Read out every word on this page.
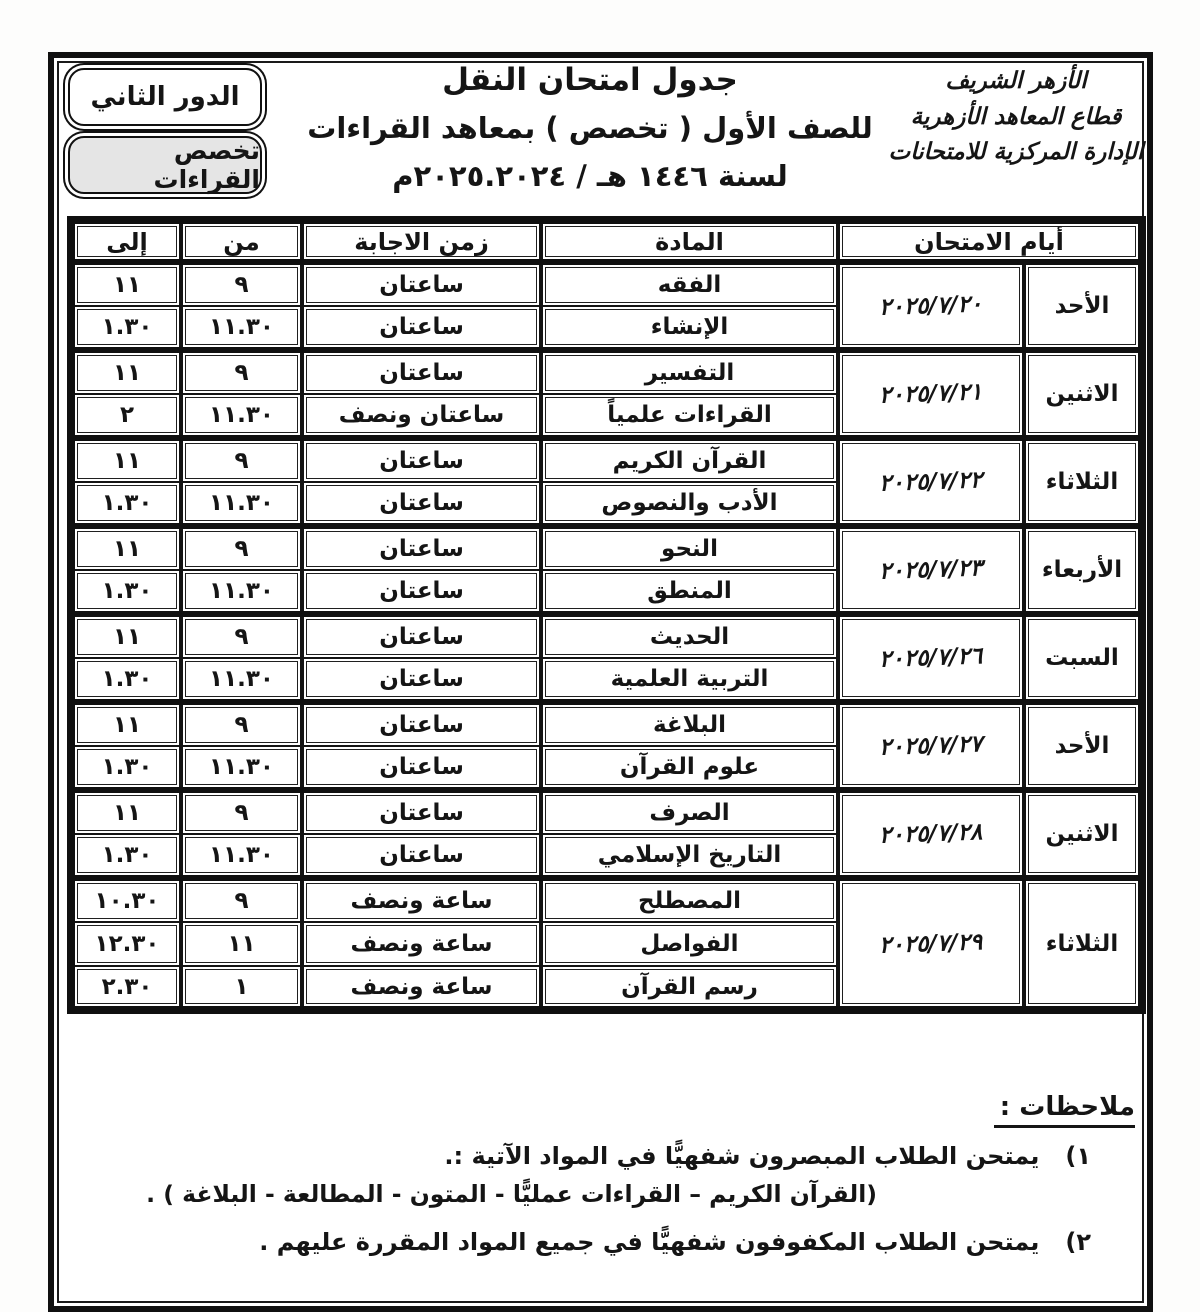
الدور الثاني
تخصص القراءات
جدول امتحان النقل
للصف الأول ( تخصص ) بمعاهد القراءات
لسنة ١٤٤٦ هـ / ٢٠٢٥.٢٠٢٤م
الأزهر الشريف
قطاع المعاهد الأزهرية
الإدارة المركزية للامتحانات
أيام الامتحان		المادة	زمن الاجابة	من	إلى
الأحد	٢٠٢٥/٧/٢٠	الفقه	ساعتان	٩	١١
		الإنشاء	ساعتان	١١.٣٠	١.٣٠
الاثنين	٢٠٢٥/٧/٢١	التفسير	ساعتان	٩	١١
		القراءات علمياً	ساعتان ونصف	١١.٣٠	٢
الثلاثاء	٢٠٢٥/٧/٢٢	القرآن الكريم	ساعتان	٩	١١
		الأدب والنصوص	ساعتان	١١.٣٠	١.٣٠
الأربعاء	٢٠٢٥/٧/٢٣	النحو	ساعتان	٩	١١
		المنطق	ساعتان	١١.٣٠	١.٣٠
السبت	٢٠٢٥/٧/٢٦	الحديث	ساعتان	٩	١١
		التربية العلمية	ساعتان	١١.٣٠	١.٣٠
الأحد	٢٠٢٥/٧/٢٧	البلاغة	ساعتان	٩	١١
		علوم القرآن	ساعتان	١١.٣٠	١.٣٠
الاثنين	٢٠٢٥/٧/٢٨	الصرف	ساعتان	٩	١١
		التاريخ الإسلامي	ساعتان	١١.٣٠	١.٣٠
الثلاثاء	٢٠٢٥/٧/٢٩	المصطلح	ساعة ونصف	٩	١٠.٣٠
		الفواصل	ساعة ونصف	١١	١٢.٣٠
		رسم القرآن	ساعة ونصف	١	٢.٣٠
ملاحظات :
١)
يمتحن الطلاب المبصرون شفهيًّا في المواد الآتية :.
(القرآن الكريم – القراءات عمليًّا - المتون - المطالعة - البلاغة ) .
٢)
يمتحن الطلاب المكفوفون شفهيًّا في جميع المواد المقررة عليهم .
